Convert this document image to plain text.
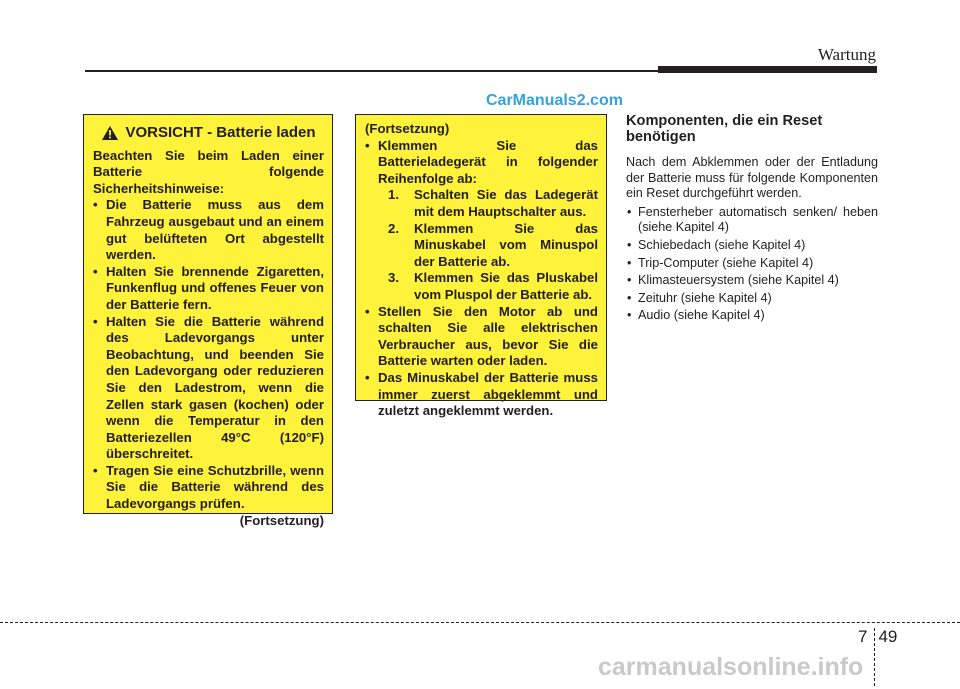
Wartung
CarManuals2.com
VORSICHT - Batterie laden

Beachten Sie beim Laden einer Batterie folgende Sicherheitshinweise:

• Die Batterie muss aus dem Fahrzeug ausgebaut und an einem gut belüfteten Ort abgestellt werden.
• Halten Sie brennende Zigaretten, Funkenflug und offenes Feuer von der Batterie fern.
• Halten Sie die Batterie während des Ladevorgangs unter Beobachtung, und beenden Sie den Ladevorgang oder reduzieren Sie den Ladestrom, wenn die Zellen stark gasen (kochen) oder wenn die Temperatur in den Batteriezellen 49°C (120°F) überschreitet.
• Tragen Sie eine Schutzbrille, wenn Sie die Batterie während des Ladevorgangs prüfen.

(Fortsetzung)

(Fortsetzung)

• Klemmen Sie das Batterieladegerät in folgender Reihenfolge ab:
1. Schalten Sie das Ladegerät mit dem Hauptschalter aus.
2. Klemmen Sie das Minuskabel vom Minuspol der Batterie ab.
3. Klemmen Sie das Pluskabel vom Pluspol der Batterie ab.
• Stellen Sie den Motor ab und schalten Sie alle elektrischen Verbraucher aus, bevor Sie die Batterie warten oder laden.
• Das Minuskabel der Batterie muss immer zuerst abgeklemmt und zuletzt angeklemmt werden.
Komponenten, die ein Reset benötigen

Nach dem Abklemmen oder der Entladung der Batterie muss für folgende Komponenten ein Reset durchgeführt werden.

• Fensterheber automatisch senken/ heben (siehe Kapitel 4)
• Schiebedach (siehe Kapitel 4)
• Trip-Computer (siehe Kapitel 4)
• Klimasteuersystem (siehe Kapitel 4)
• Zeituhr (siehe Kapitel 4)
• Audio (siehe Kapitel 4)
7 49
carmanualsonline.info
